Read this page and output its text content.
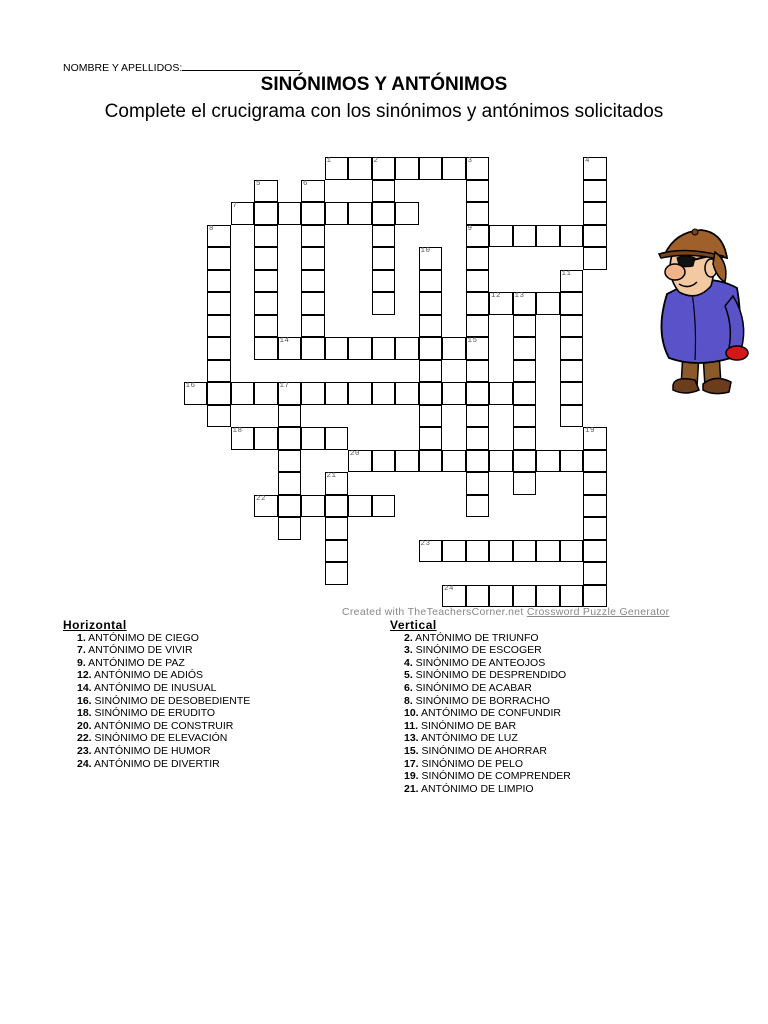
NOMBRE Y APELLIDOS:
SINÓNIMOS Y ANTÓNIMOS
Complete el crucigrama con los sinónimos y antónimos solicitados
1	2	3
9
15
4
5	6
7
8
10
11
12 13
14
16	17
18	19
20
21
22
23
24
Created with TheTeachersCorner.net Crossword Puzzle Generator
Horizontal
1. ANTÓNIMO DE CIEGO
7. ANTÓNIMO DE VIVIR
9. ANTÓNIMO DE PAZ
12. ANTÓNIMO DE ADIÓS
14. ANTÓNIMO DE INUSUAL
16. SINÓNIMO DE DESOBEDIENTE
18. SINÓNIMO DE ERUDITO
20. ANTÓNIMO DE CONSTRUIR
22. SINÓNIMO DE ELEVACIÓN
23. ANTÓNIMO DE HUMOR
24. ANTÓNIMO DE DIVERTIR
Vertical
2. ANTÓNIMO DE TRIUNFO
3. SINÓNIMO DE ESCOGER
4. SINÓNIMO DE ANTEOJOS
5. SINÓNIMO DE DESPRENDIDO
6. SINÓNIMO DE ACABAR
8. SINÓNIMO DE BORRACHO
10. ANTÓNIMO DE CONFUNDIR
11. SINÓNIMO DE BAR
13. ANTÓNIMO DE LUZ
15. SINÓNIMO DE AHORRAR
17. SINÓNIMO DE PELO
19. SINÓNIMO DE COMPRENDER
21. ANTÓNIMO DE LIMPIO
